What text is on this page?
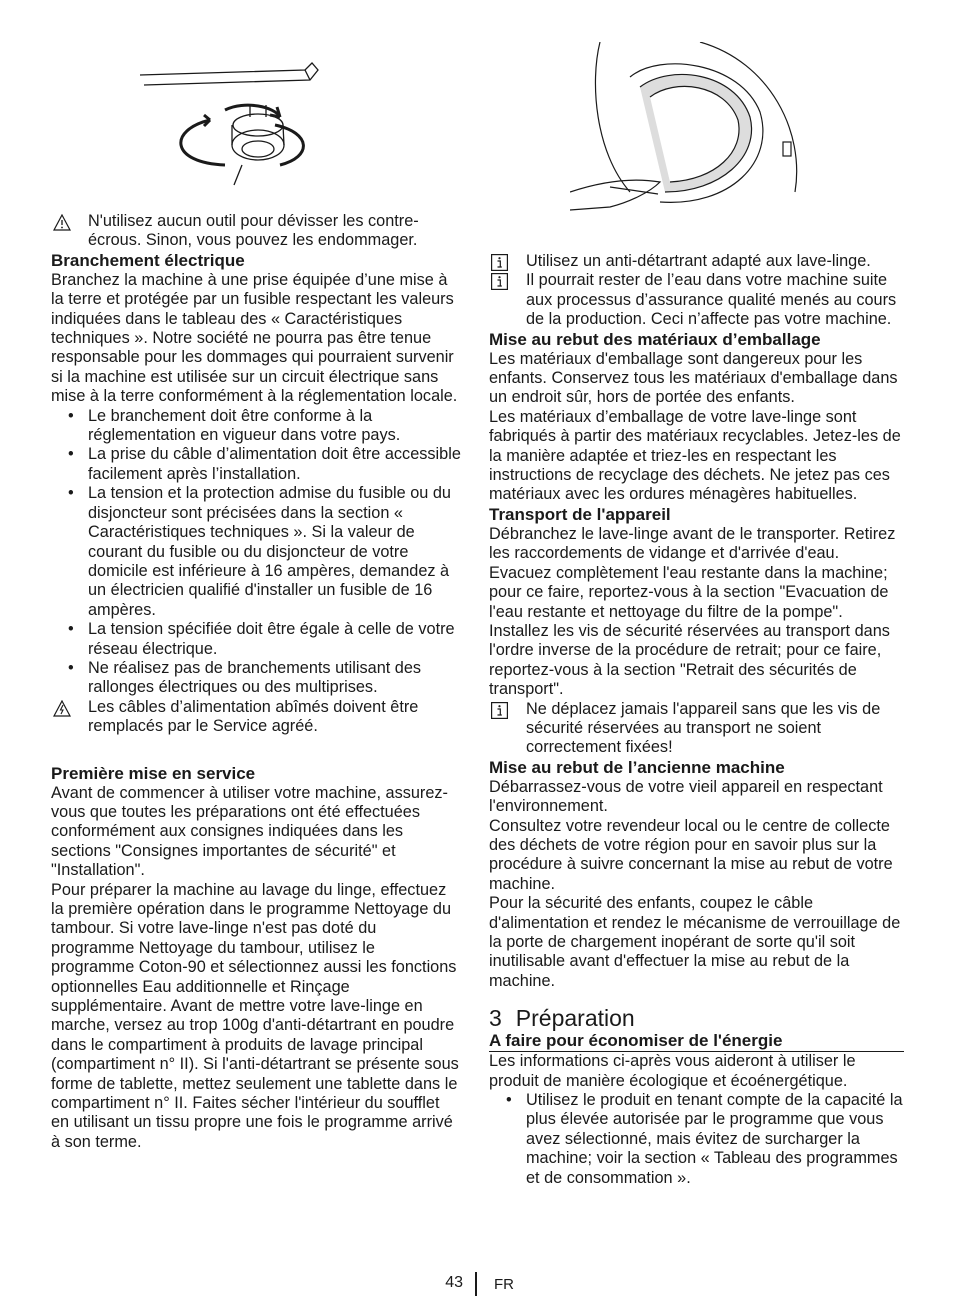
N'utilisez aucun outil pour dévisser les contre-écrous. Sinon, vous pouvez les endommager.

Branchement électrique

Branchez la machine à une prise équipée d’une mise à la terre et protégée par un fusible respectant les valeurs indiquées dans le tableau des « Caractéristiques techniques ». Notre société ne pourra pas être tenue responsable pour les dommages qui pourraient survenir si la machine est utilisée sur un circuit électrique sans mise à la terre conformément à la réglementation locale.

• Le branchement doit être conforme à la réglementation en vigueur dans votre pays.
• La prise du câble d’alimentation doit être accessible facilement après l’installation.
• La tension et la protection admise du fusible ou du disjoncteur sont précisées dans la section « Caractéristiques techniques ». Si la valeur de courant du fusible ou du disjoncteur de votre domicile est inférieure à 16 ampères, demandez à un électricien qualifié d'installer un fusible de 16 ampères.
• La tension spécifiée doit être égale à celle de votre réseau électrique.
• Ne réalisez pas de branchements utilisant des rallonges électriques ou des multiprises.

Les câbles d’alimentation abîmés doivent être remplacés par le Service agréé.

Première mise en service

Avant de commencer à utiliser votre machine, assurez-vous que toutes les préparations ont été effectuées conformément aux consignes indiquées dans les sections "Consignes importantes de sécurité" et "Installation".

Pour préparer la machine au lavage du linge, effectuez la première opération dans le programme Nettoyage du tambour. Si votre lave-linge n'est pas doté du programme Nettoyage du tambour, utilisez le programme Coton-90 et sélectionnez aussi les fonctions optionnelles Eau additionnelle et Rinçage supplémentaire. Avant de mettre votre lave-linge en marche, versez au trop 100g d'anti-détartrant en poudre dans le compartiment à produits de lavage principal (compartiment n° II). Si l'anti-détartrant se présente sous forme de tablette, mettez seulement une tablette dans le compartiment n° II. Faites sécher l'intérieur du soufflet en utilisant un tissu propre une fois le programme arrivé à son terme.

Utilisez un anti-détartrant adapté aux lave-linge.

Il pourrait rester de l’eau dans votre machine suite aux processus d’assurance qualité menés au cours de la production. Ceci n’affecte pas votre machine.

Mise au rebut des matériaux d’emballage

Les matériaux d'emballage sont dangereux pour les enfants. Conservez tous les matériaux d'emballage dans un endroit sûr, hors de portée des enfants.

Les matériaux d’emballage de votre lave-linge sont fabriqués à partir des matériaux recyclables. Jetez-les de la manière adaptée et triez-les en respectant les instructions de recyclage des déchets. Ne jetez pas ces matériaux avec les ordures ménagères habituelles.

Transport de l'appareil

Débranchez le lave-linge avant de le transporter. Retirez les raccordements de vidange et d'arrivée d'eau. Evacuez complètement l'eau restante dans la machine; pour ce faire, reportez-vous à la section "Evacuation de l'eau restante et nettoyage du filtre de la pompe". Installez les vis de sécurité réservées au transport dans l'ordre inverse de la procédure de retrait; pour ce faire, reportez-vous à la section "Retrait des sécurités de transport".

Ne déplacez jamais l'appareil sans que les vis de sécurité réservées au transport ne soient correctement fixées!

Mise au rebut de l’ancienne machine

Débarrassez-vous de votre vieil appareil en respectant l'environnement.

Consultez votre revendeur local ou le centre de collecte des déchets de votre région pour en savoir plus sur la procédure à suivre concernant la mise au rebut de votre machine.

Pour la sécurité des enfants, coupez le câble d'alimentation et rendez le mécanisme de verrouillage de la porte de chargement inopérant de sorte qu'il soit inutilisable avant d'effectuer la mise au rebut de la machine.

3 Préparation
A faire pour économiser de l'énergie

Les informations ci-après vous aideront à utiliser le produit de manière écologique et écoénergétique.

• Utilisez le produit en tenant compte de la capacité la plus élevée autorisée par le programme que vous avez sélectionné, mais évitez de surcharger la machine; voir la section « Tableau des programmes et de consommation ».
43 FR
